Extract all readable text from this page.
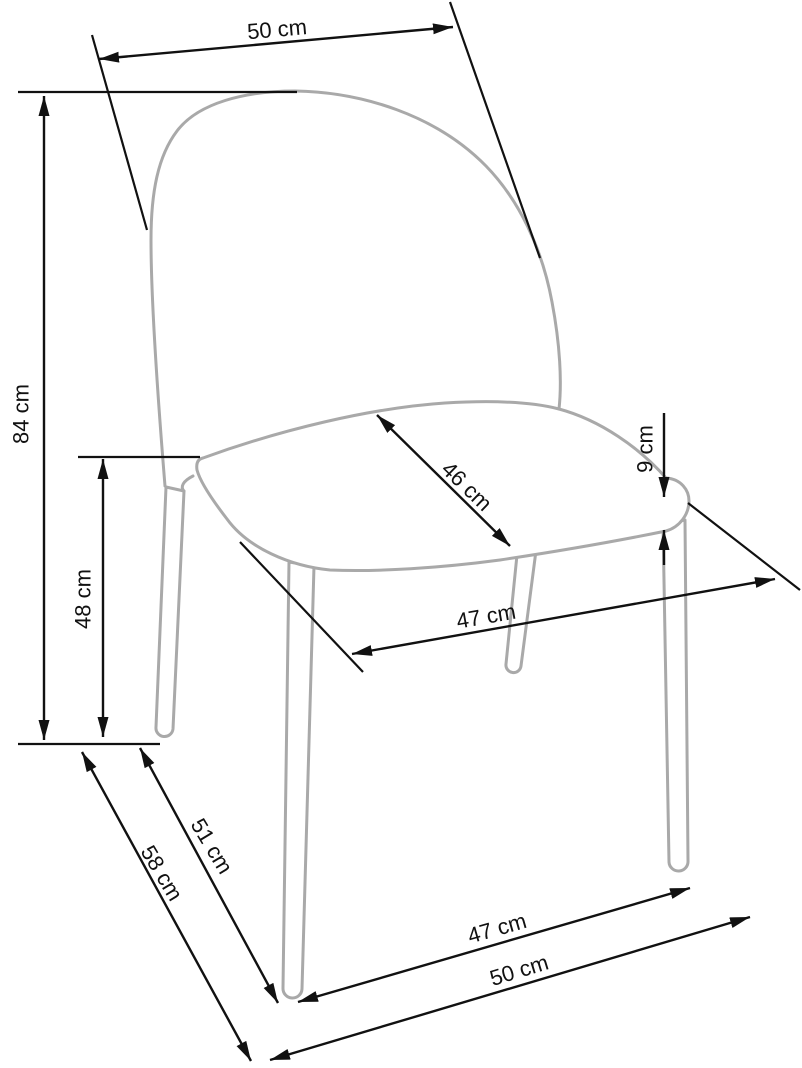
50 cm
84 cm
48 cm
46 cm
9 cm
47 cm
51 cm
58 cm
47 cm
50 cm
